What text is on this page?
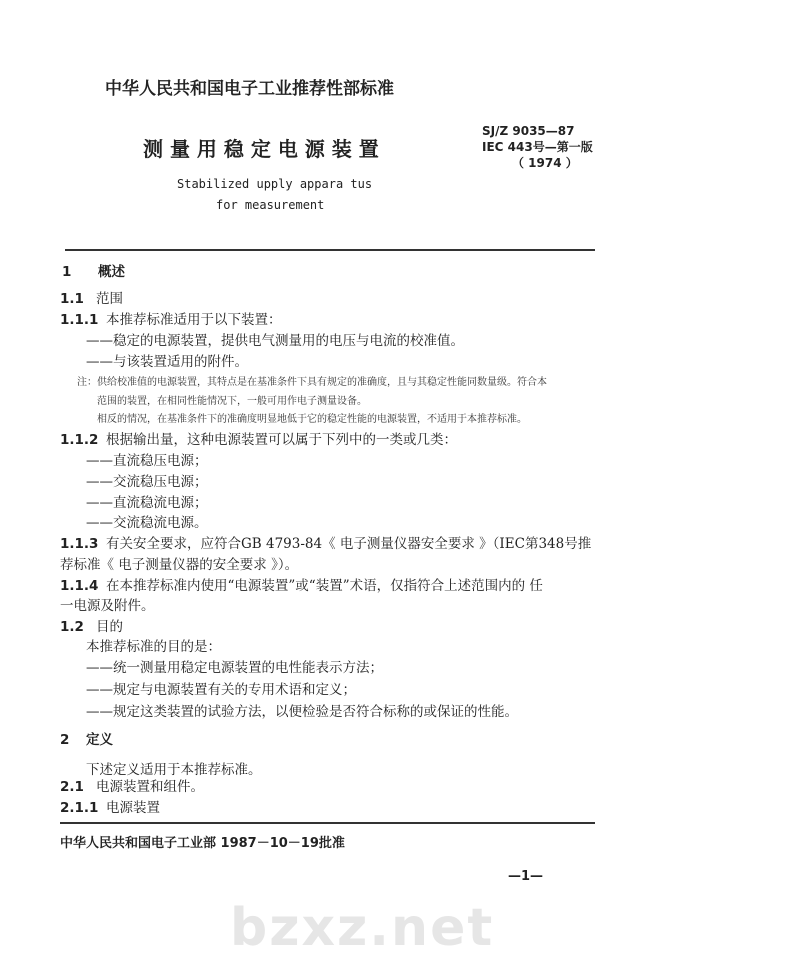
中华人民共和国电子工业推荐性部标准
测 量 用 稳 定 电 源 装 置
SJ/Z 9035—87
IEC 443号—第一版
（ 1974 ）
Stabilized upply appara tus
for measurement
1 概述
1.1 范围
1.1.1 本推荐标准适用于以下装置：
——稳定的电源装置，提供电气测量用的电压与电流的校准值。
——与该装置适用的附件。
注：供给校准值的电源装置，其特点是在基准条件下具有规定的准确度，且与其稳定性能同数量级。符合本
范围的装置，在相同性能情况下，一般可用作电子测量设备。
相反的情况，在基准条件下的准确度明显地低于它的稳定性能的电源装置，不适用于本推荐标准。
1.1.2 根据输出量，这种电源装置可以属于下列中的一类或几类：
——直流稳压电源；
——交流稳压电源；
——直流稳流电源；
——交流稳流电源。
1.1.3 有关安全要求，应符合GB 4793-84《 电子测量仪器安全要求 》（IEC第348号推
荐标准《 电子测量仪器的安全要求 》）。
1.1.4 在本推荐标准内使用“电源装置”或“装置”术语，仅指符合上述范围内的 任
一电源及附件。
1.2 目的
本推荐标准的目的是：
——统一测量用稳定电源装置的电性能表示方法；
——规定与电源装置有关的专用术语和定义；
——规定这类装置的试验方法，以便检验是否符合标称的或保证的性能。
2 定义
下述定义适用于本推荐标准。
2.1 电源装置和组件。
2.1.1 电源装置
中华人民共和国电子工业部 1987－10－19批准
—1—
bzxz.net
